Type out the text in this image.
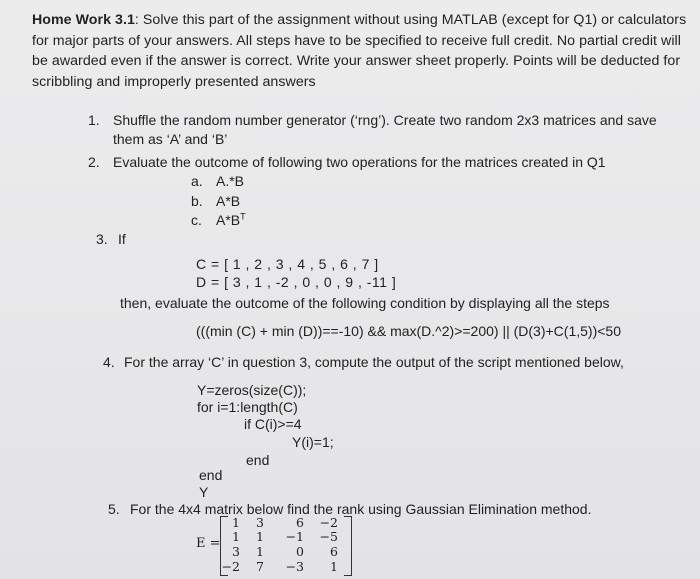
Home Work 3.1: Solve this part of the assignment without using MATLAB (except for Q1) or calculators for major parts of your answers. All steps have to be specified to receive full credit. No partial credit will be awarded even if the answer is correct. Write your answer sheet properly. Points will be deducted for scribbling and improperly presented answers
1. Shuffle the random number generator (‘rng’). Create two random 2x3 matrices and save
them as ‘A’ and ‘B’
2. Evaluate the outcome of following two operations for the matrices created in Q1
a. A.*B
b. A*B
c. $A*B^T$
3. If
C = [ 1 , 2 , 3 , 4 , 5 , 6 , 7 ]
D = [ 3 , 1 , -2 , 0 , 0 , 9 , -11 ]
then, evaluate the outcome of the following condition by displaying all the steps
(((min (C) + min (D))==-10) && max(D.^2)>=200) || (D(3)+C(1,5))<50
4. For the array ‘C’ in question 3, compute the output of the script mentioned below,
Y=zeros(size(C));
for i=1:length(C)
if C(i)>=4
Y(i)=1;
end
end
Y
5. For the 4x4 matrix below find the rank using Gaussian Elimination method.
E =
1	3	6 −2
1	1 −1 −5
3	1	0	6
−2	7 −3	1
